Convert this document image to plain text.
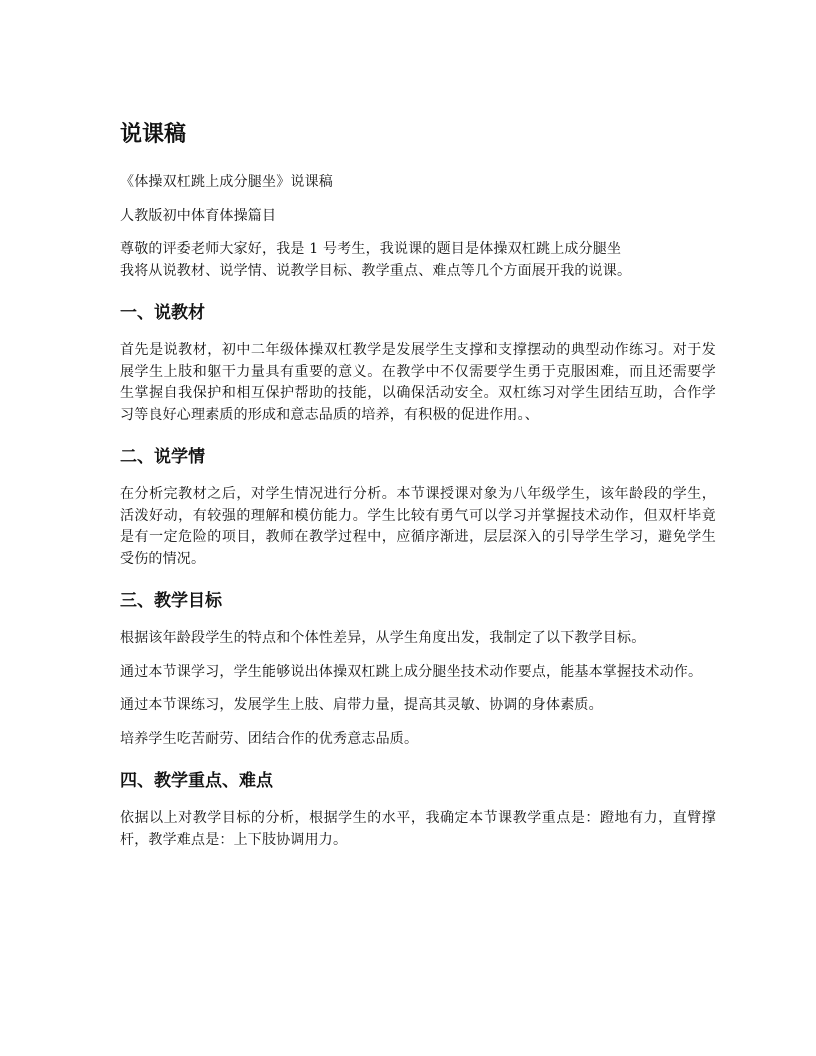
说课稿

《体操双杠跳上成分腿坐》说课稿

人教版初中体育体操篇目

尊敬的评委老师大家好，我是 1 号考生，我说课的题目是体操双杠跳上成分腿坐
我将从说教材、说学情、说教学目标、教学重点、难点等几个方面展开我的说课。

一、说教材

首先是说教材，初中二年级体操双杠教学是发展学生支撑和支撑摆动的典型动作练习。对于发展学生上肢和躯干力量具有重要的意义。在教学中不仅需要学生勇于克服困难，而且还需要学生掌握自我保护和相互保护帮助的技能，以确保活动安全。双杠练习对学生团结互助，合作学习等良好心理素质的形成和意志品质的培养，有积极的促进作用。、

二、说学情

在分析完教材之后，对学生情况进行分析。本节课授课对象为八年级学生，该年龄段的学生，活泼好动，有较强的理解和模仿能力。学生比较有勇气可以学习并掌握技术动作，但双杆毕竟是有一定危险的项目，教师在教学过程中，应循序渐进，层层深入的引导学生学习，避免学生受伤的情况。

三、教学目标

根据该年龄段学生的特点和个体性差异，从学生角度出发，我制定了以下教学目标。

通过本节课学习，学生能够说出体操双杠跳上成分腿坐技术动作要点，能基本掌握技术动作。

通过本节课练习，发展学生上肢、肩带力量，提高其灵敏、协调的身体素质。

培养学生吃苦耐劳、团结合作的优秀意志品质。

四、教学重点、难点

依据以上对教学目标的分析，根据学生的水平，我确定本节课教学重点是：蹬地有力，直臂撑杆，教学难点是：上下肢协调用力。
